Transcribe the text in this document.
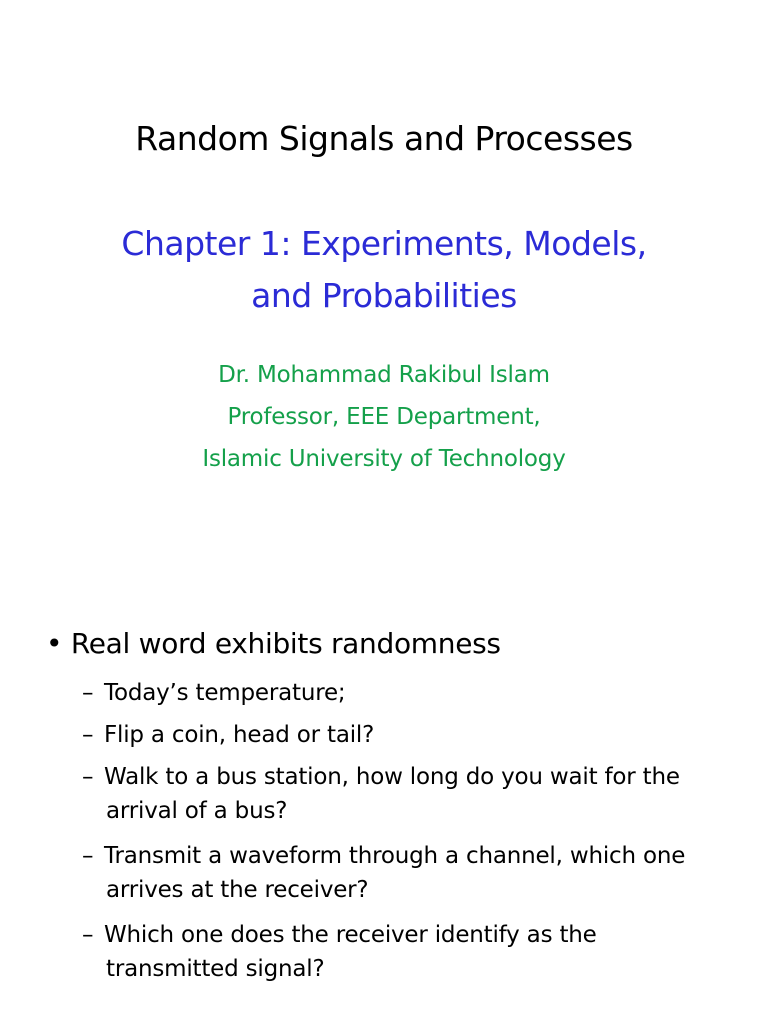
Random Signals and Processes
Chapter 1: Experiments, Models,
and Probabilities
Dr. Mohammad Rakibul Islam
Professor, EEE Department,
Islamic University of Technology
• Real word exhibits randomness
– Today’s temperature;
– Flip a coin, head or tail?
– Walk to a bus station, how long do you wait for the
arrival of a bus?
– Transmit a waveform through a channel, which one
arrives at the receiver?
– Which one does the receiver identify as the
transmitted signal?
